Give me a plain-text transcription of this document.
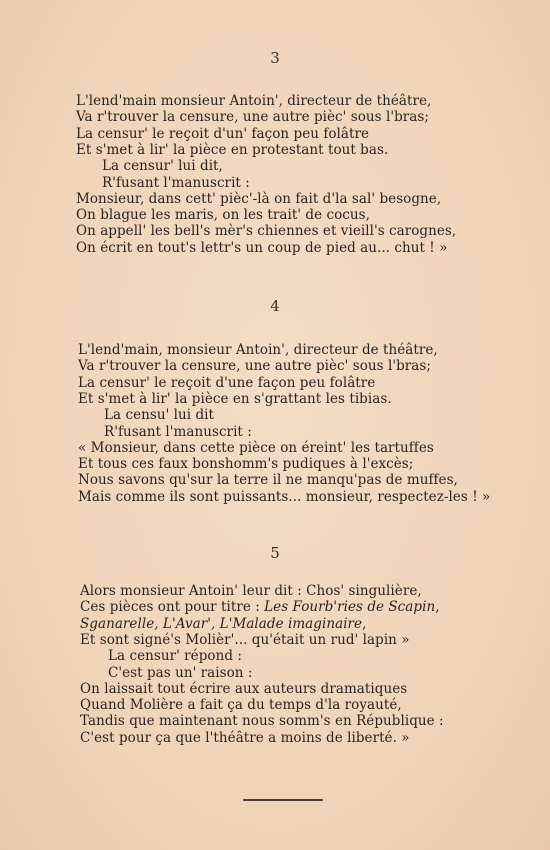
3
L'lend'main monsieur Antoin', directeur de théâtre,
Va r'trouver la censure, une autre pièc' sous l'bras;
La censur' le reçoit d'un' façon peu folâtre
Et s'met à lir' la pièce en protestant tout bas.
La censur' lui dit,
R'fusant l'manuscrit :
Monsieur, dans cett' pièc'-là on fait d'la sal' besogne,
On blague les maris, on les trait' de cocus,
On appell' les bell's mèr's chiennes et vieill's carognes,
On écrit en tout's lettr's un coup de pied au... chut ! »
4
L'lend'main, monsieur Antoin', directeur de théâtre,
Va r'trouver la censure, une autre pièc' sous l'bras;
La censur' le reçoit d'une façon peu folâtre
Et s'met à lir' la pièce en s'grattant les tibias.
La censu' lui dit
R'fusant l'manuscrit :
« Monsieur, dans cette pièce on éreint' les tartuffes
Et tous ces faux bonshomm's pudiques à l'excès;
Nous savons qu'sur la terre il ne manqu'pas de muffes,
Mais comme ils sont puissants... monsieur, respectez-les ! »
5
Alors monsieur Antoin' leur dit : Chos' singulière,
Ces pièces ont pour titre : Les Fourb'ries de Scapin,
Sganarelle, L'Avar', L'Malade imaginaire,
Et sont signé's Molièr'... qu'était un rud' lapin »
La censur' répond :
C'est pas un' raison :
On laissait tout écrire aux auteurs dramatiques
Quand Molière a fait ça du temps d'la royauté,
Tandis que maintenant nous somm's en République :
C'est pour ça que l'théâtre a moins de liberté. »
